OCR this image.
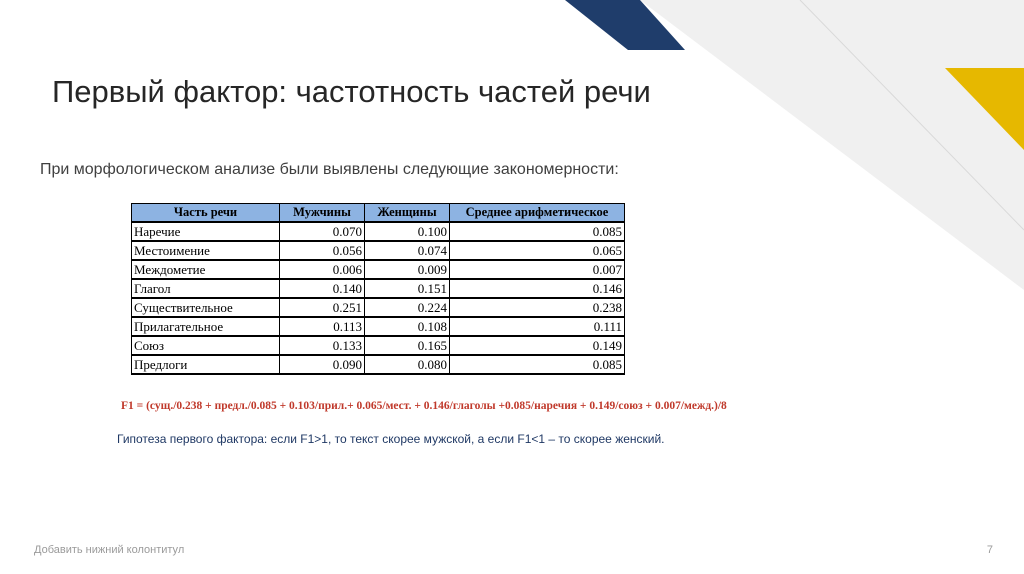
Первый фактор: частотность частей речи
При морфологическом анализе были выявлены следующие закономерности:
Часть речи	Мужчины	Женщины	Среднее арифметическое
Наречие	0.070	0.100	0.085
Местоимение	0.056	0.074	0.065
Междометие	0.006	0.009	0.007
Глагол	0.140	0.151	0.146
Существительное	0.251	0.224	0.238
Прилагательное	0.113	0.108	0.111
Союз	0.133	0.165	0.149
Предлоги	0.090	0.080	0.085
F1 = (сущ./0.238 + предл./0.085 + 0.103/прил.+ 0.065/мест. + 0.146/глаголы +0.085/наречия + 0.149/союз + 0.007/межд.)/8
Гипотеза первого фактора: если F1>1, то текст скорее мужской, а если F1<1 – то скорее женский.
Добавить нижний колонтитул	7
